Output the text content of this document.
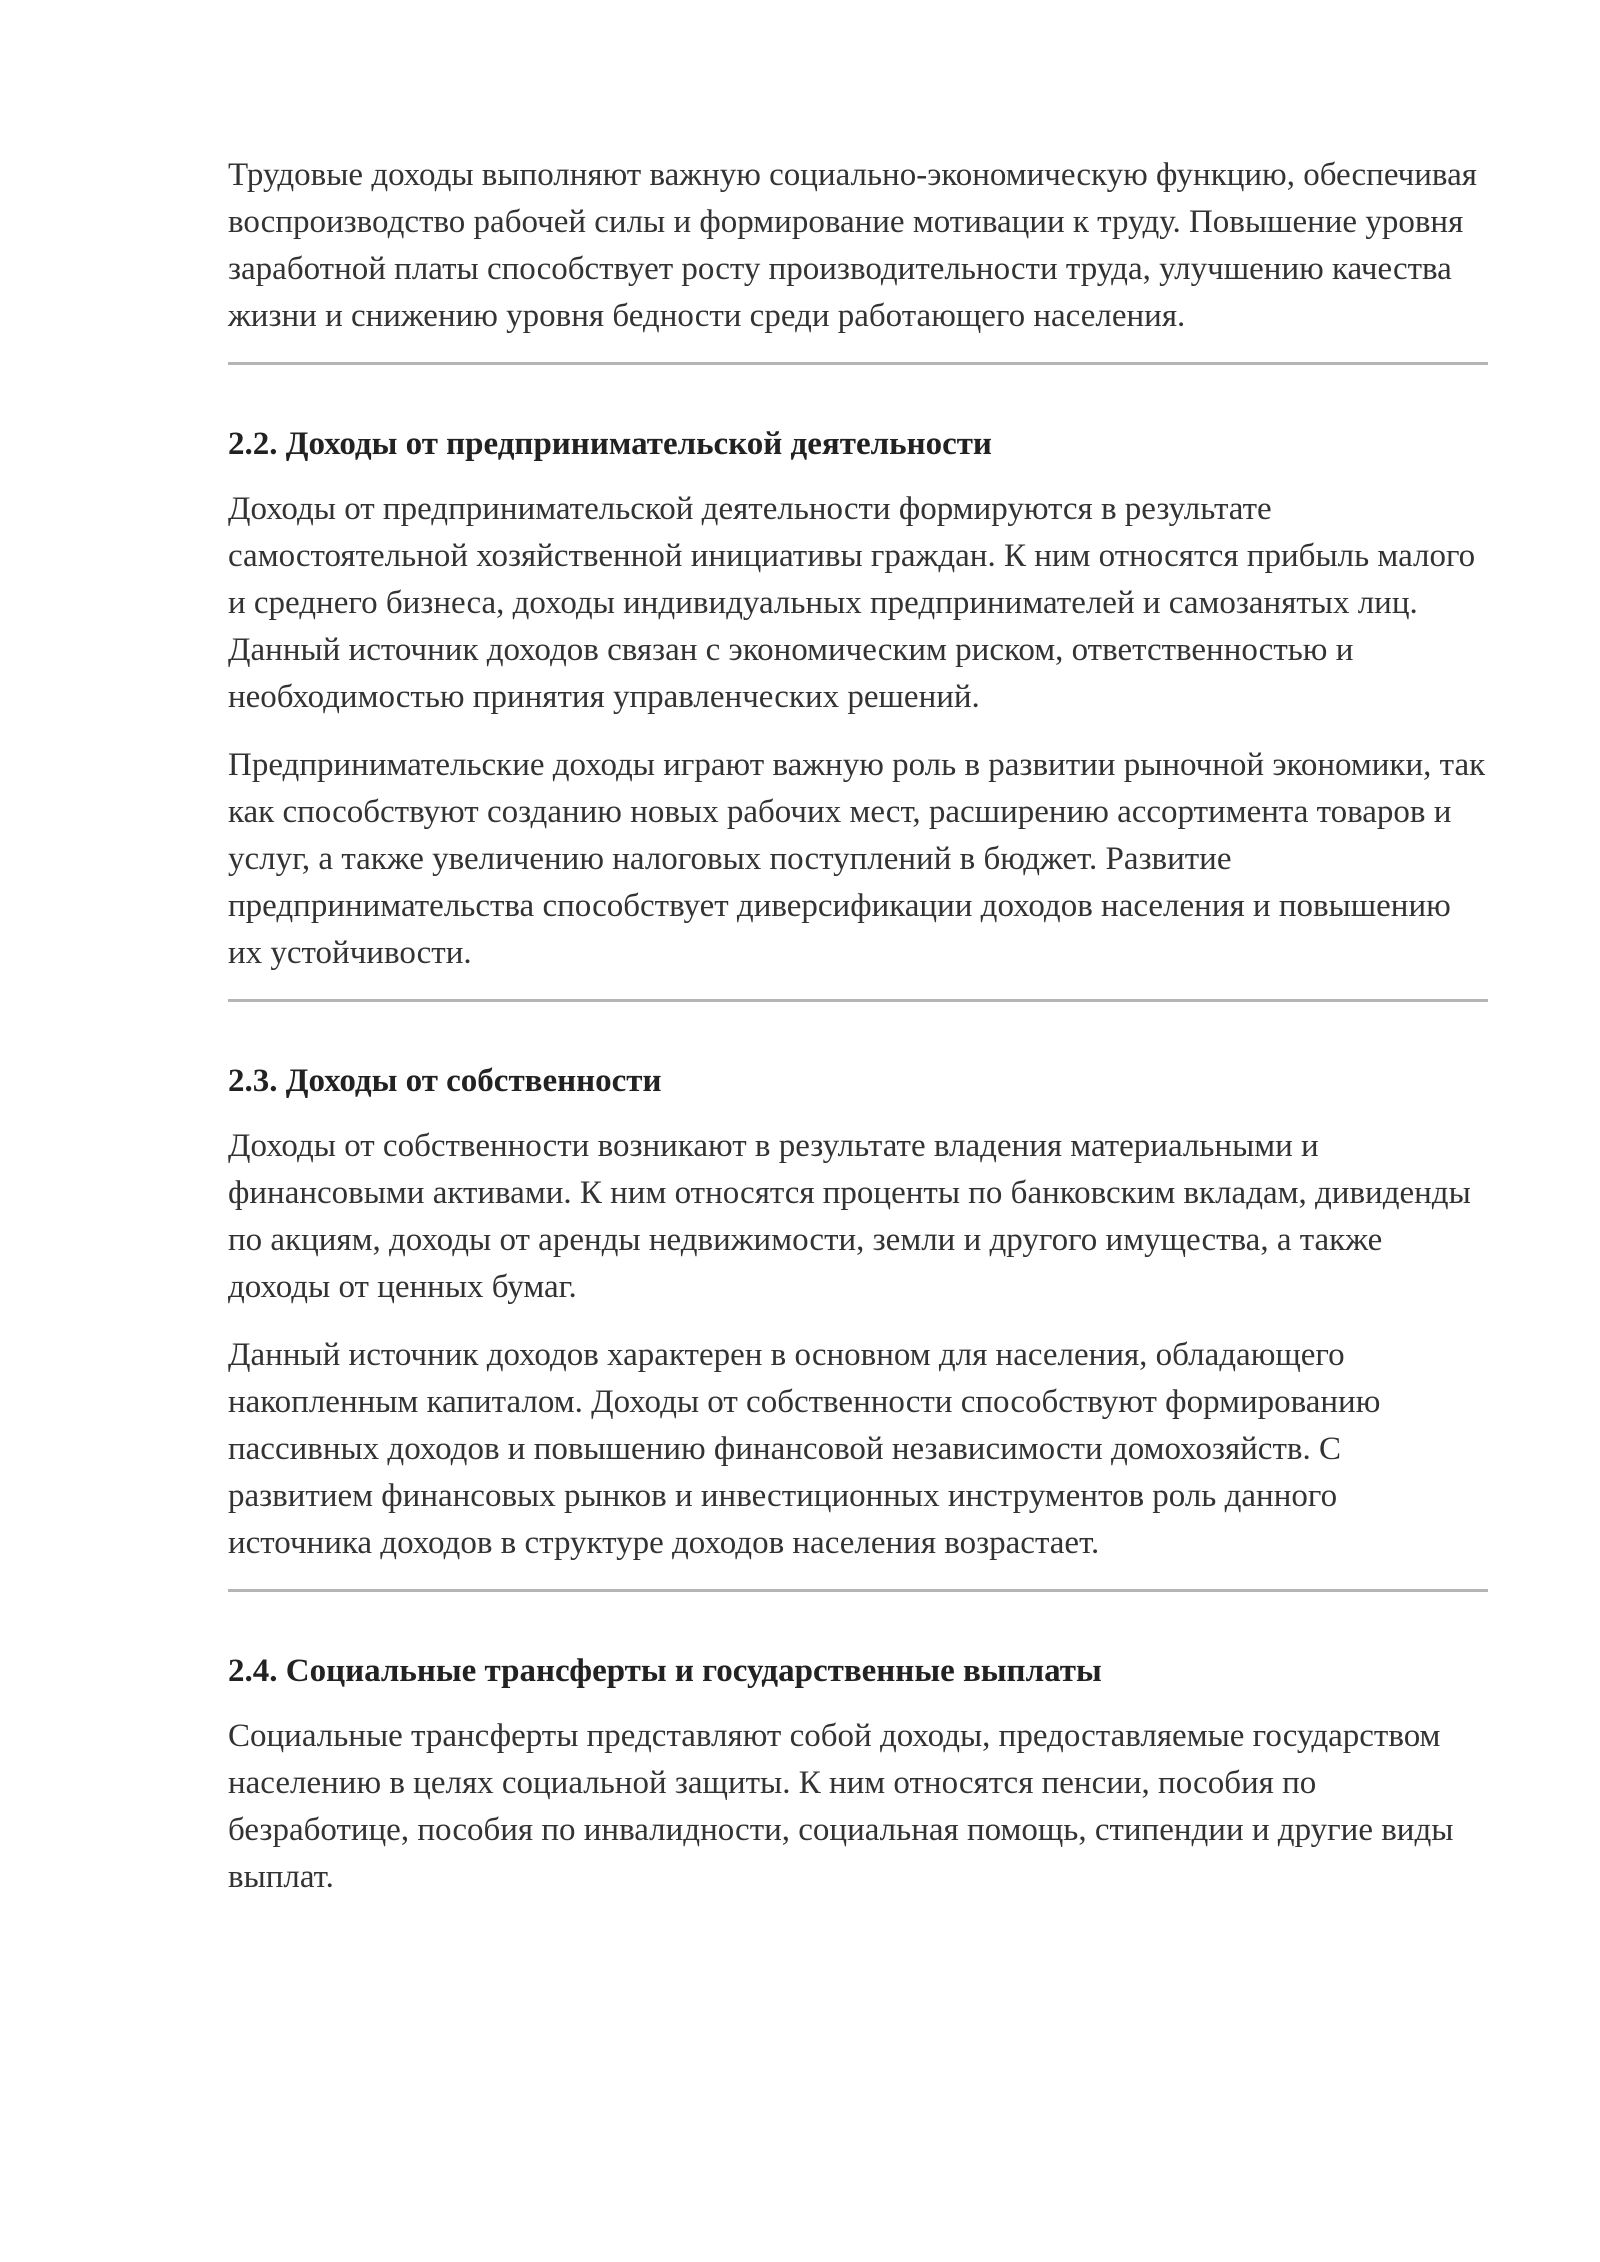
Трудовые доходы выполняют важную социально-экономическую функцию, обеспечивая воспроизводство рабочей силы и формирование мотивации к труду. Повышение уровня заработной платы способствует росту производительности труда, улучшению качества жизни и снижению уровня бедности среди работающего населения.

2.2. Доходы от предпринимательской деятельности

Доходы от предпринимательской деятельности формируются в результате самостоятельной хозяйственной инициативы граждан. К ним относятся прибыль малого и среднего бизнеса, доходы индивидуальных предпринимателей и самозанятых лиц. Данный источник доходов связан с экономическим риском, ответственностью и необходимостью принятия управленческих решений.

Предпринимательские доходы играют важную роль в развитии рыночной экономики, так как способствуют созданию новых рабочих мест, расширению ассортимента товаров и услуг, а также увеличению налоговых поступлений в бюджет. Развитие предпринимательства способствует диверсификации доходов населения и повышению их устойчивости.

2.3. Доходы от собственности

Доходы от собственности возникают в результате владения материальными и финансовыми активами. К ним относятся проценты по банковским вкладам, дивиденды по акциям, доходы от аренды недвижимости, земли и другого имущества, а также доходы от ценных бумаг.

Данный источник доходов характерен в основном для населения, обладающего накопленным капиталом. Доходы от собственности способствуют формированию пассивных доходов и повышению финансовой независимости домохозяйств. С развитием финансовых рынков и инвестиционных инструментов роль данного источника доходов в структуре доходов населения возрастает.

2.4. Социальные трансферты и государственные выплаты

Социальные трансферты представляют собой доходы, предоставляемые государством населению в целях социальной защиты. К ним относятся пенсии, пособия по безработице, пособия по инвалидности, социальная помощь, стипендии и другие виды выплат.
